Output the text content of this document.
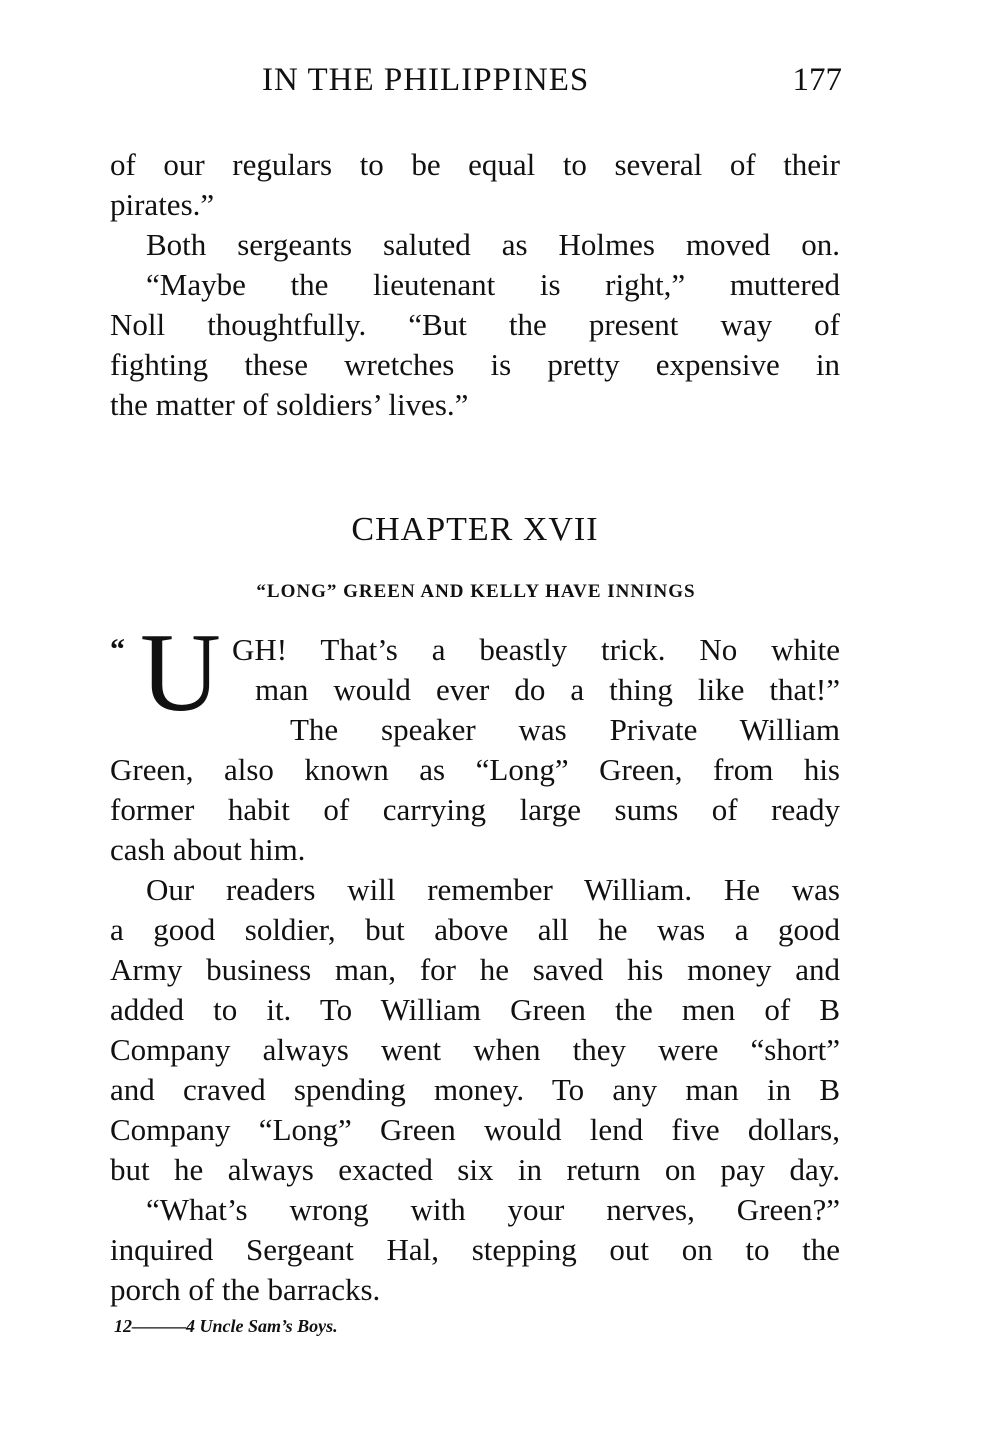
IN THE PHILIPPINES	177
of our regulars to be equal to several of their
pirates.”
Both sergeants saluted as Holmes moved on.
“Maybe the lieutenant is right,” muttered
Noll thoughtfully. “But the present way of
fighting these wretches is pretty expensive in
the matter of soldiers’ lives.”
CHAPTER XVII
“LONG” GREEN AND KELLY HAVE INNINGS
“ U GH! That’s a beastly trick. No white
man would ever do a thing like that!”
The speaker was Private William
Green, also known as “Long” Green, from his
former habit of carrying large sums of ready
cash about him.
Our readers will remember William. He was
a good soldier, but above all he was a good
Army business man, for he saved his money and
added to it. To William Green the men of B
Company always went when they were “short”
and craved spending money. To any man in B
Company “Long” Green would lend five dollars,
but he always exacted six in return on pay day.
“What’s wrong with your nerves, Green?”
inquired Sergeant Hal, stepping out on to the
porch of the barracks.
12———4 Uncle Sam’s Boys.
